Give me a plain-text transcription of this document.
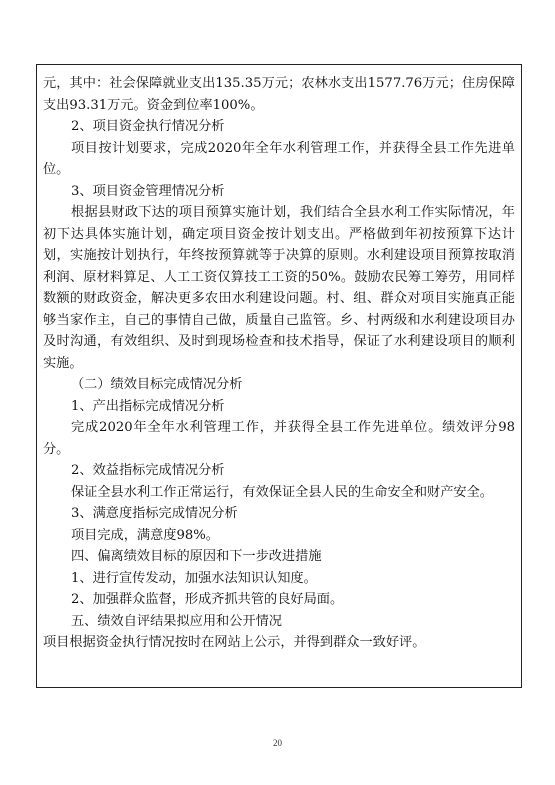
元，其中：社会保障就业支出135.35万元；农林水支出1577.76万元；住房保障支出93.31万元。资金到位率100%。

2、项目资金执行情况分析

项目按计划要求，完成2020年全年水利管理工作，并获得全县工作先进单位。

3、项目资金管理情况分析

根据县财政下达的项目预算实施计划，我们结合全县水利工作实际情况，年初下达具体实施计划，确定项目资金按计划支出。严格做到年初按预算下达计划，实施按计划执行，年终按预算就等于决算的原则。水利建设项目预算按取消利润、原材料算足、人工工资仅算技工工资的50%。鼓励农民筹工筹劳，用同样数额的财政资金，解决更多农田水利建设问题。村、组、群众对项目实施真正能够当家作主，自己的事情自己做，质量自己监管。乡、村两级和水利建设项目办及时沟通，有效组织、及时到现场检查和技术指导，保证了水利建设项目的顺利实施。

（二）绩效目标完成情况分析

1、产出指标完成情况分析

完成2020年全年水利管理工作，并获得全县工作先进单位。绩效评分98分。

2、效益指标完成情况分析

保证全县水利工作正常运行，有效保证全县人民的生命安全和财产安全。

3、满意度指标完成情况分析

项目完成，满意度98%。

四、偏离绩效目标的原因和下一步改进措施

1、进行宣传发动，加强水法知识认知度。

2、加强群众监督，形成齐抓共管的良好局面。

五、绩效自评结果拟应用和公开情况

项目根据资金执行情况按时在网站上公示，并得到群众一致好评。

20
